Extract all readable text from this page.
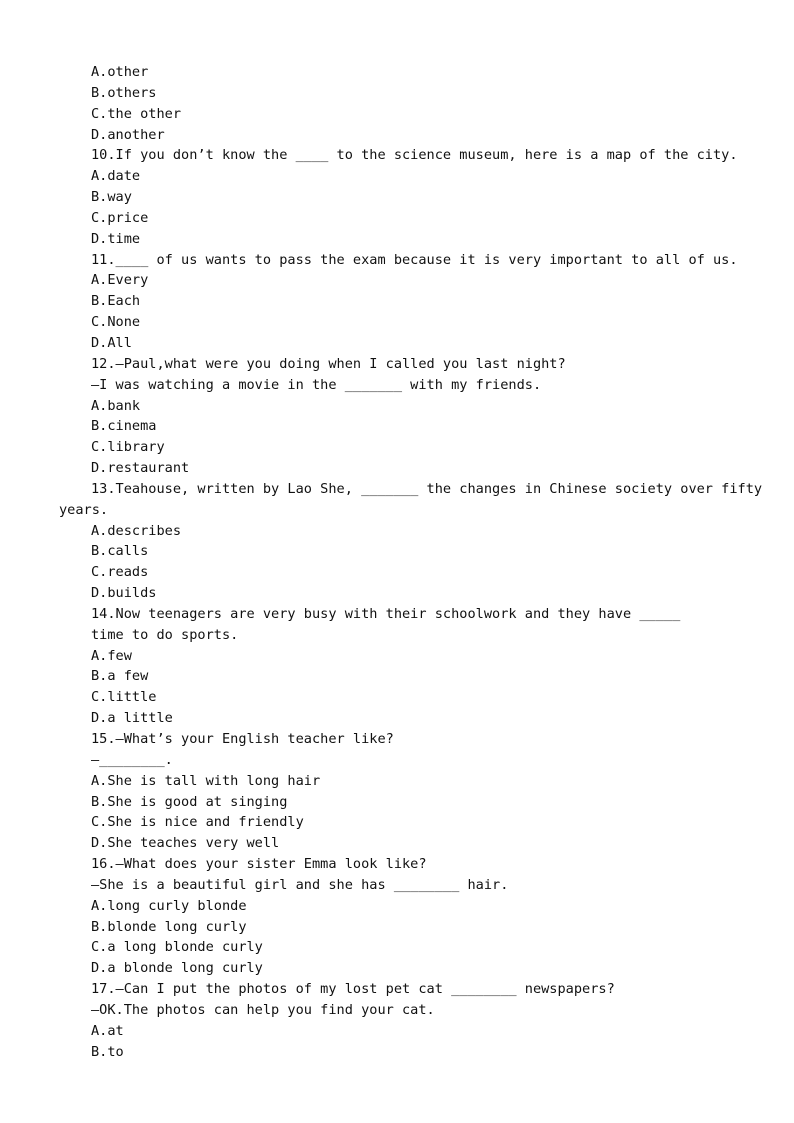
A.other
B.others
C.the other
D.another
10.If you don’t know the ____ to the science museum, here is a map of the city.
A.date
B.way
C.price
D.time
11.____ of us wants to pass the exam because it is very important to all of us.
A.Every
B.Each
C.None
D.All
12.—Paul,what were you doing when I called you last night?
—I was watching a movie in the _______ with my friends.
A.bank
B.cinema
C.library
D.restaurant
13.Teahouse, written by Lao She, _______ the changes in Chinese society over fifty
years.
A.describes
B.calls
C.reads
D.builds
14.Now teenagers are very busy with their schoolwork and they have _____
time to do sports.
A.few
B.a few
C.little
D.a little
15.—What’s your English teacher like?
—________.
A.She is tall with long hair
B.She is good at singing
C.She is nice and friendly
D.She teaches very well
16.—What does your sister Emma look like?
—She is a beautiful girl and she has ________ hair.
A.long curly blonde
B.blonde long curly
C.a long blonde curly
D.a blonde long curly
17.—Can I put the photos of my lost pet cat ________ newspapers?
—OK.The photos can help you find your cat.
A.at
B.to
